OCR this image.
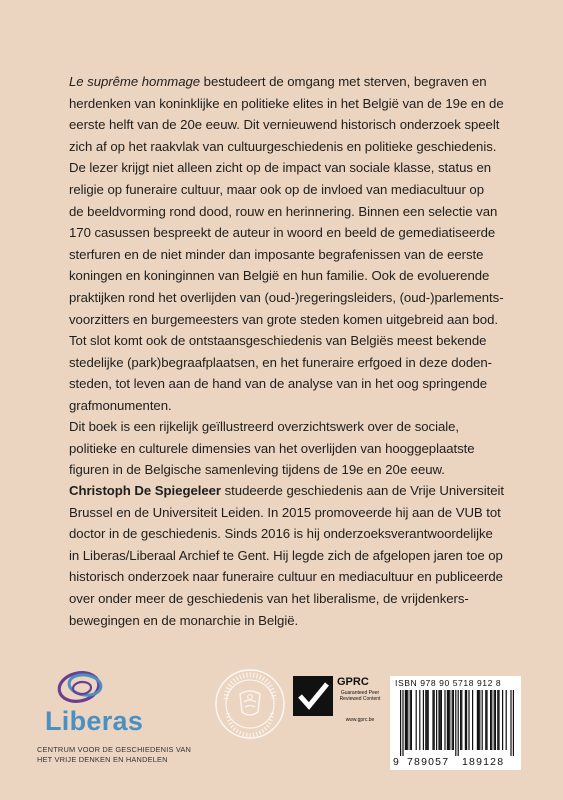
Le suprême hommage bestudeert de omgang met sterven, begraven en
herdenken van koninklijke en politieke elites in het België van de 19e en de
eerste helft van de 20e eeuw. Dit vernieuwend historisch onderzoek speelt
zich af op het raakvlak van cultuurgeschiedenis en politieke geschiedenis.
De lezer krijgt niet alleen zicht op de impact van sociale klasse, status en
religie op funeraire cultuur, maar ook op de invloed van mediacultuur op
de beeldvorming rond dood, rouw en herinnering. Binnen een selectie van
170 casussen bespreekt de auteur in woord en beeld de gemediatiseerde
sterfuren en de niet minder dan imposante begrafenissen van de eerste
koningen en koninginnen van België en hun familie. Ook de evoluerende
praktijken rond het overlijden van (oud-)regeringsleiders, (oud-)parlements-
voorzitters en burgemeesters van grote steden komen uitgebreid aan bod.
Tot slot komt ook de ontstaansgeschiedenis van Belgiës meest bekende
stedelijke (park)begraafplaatsen, en het funeraire erfgoed in deze doden-
steden, tot leven aan de hand van de analyse van in het oog springende
grafmonumenten.

Dit boek is een rijkelijk geïllustreerd overzichtswerk over de sociale,
politieke en culturele dimensies van het overlijden van hooggeplaatste
figuren in de Belgische samenleving tijdens de 19e en 20e eeuw.

Christoph De Spiegeleer studeerde geschiedenis aan de Vrije Universiteit
Brussel en de Universiteit Leiden. In 2015 promoveerde hij aan de VUB tot
doctor in de geschiedenis. Sinds 2016 is hij onderzoeksverantwoordelijke
in Liberas/Liberaal Archief te Gent. Hij legde zich de afgelopen jaren toe op
historisch onderzoek naar funeraire cultuur en mediacultuur en publiceerde
over onder meer de geschiedenis van het liberalisme, de vrijdenkers-
bewegingen en de monarchie in België.

Liberas
CENTRUM VOOR DE GESCHIEDENIS VAN
HET VRIJE DENKEN EN HANDELEN
GPRC
Guaranteed Peer Reviewed Content
www.gprc.be
ISBN 978 90 5718 912 8
9 789057 189128
